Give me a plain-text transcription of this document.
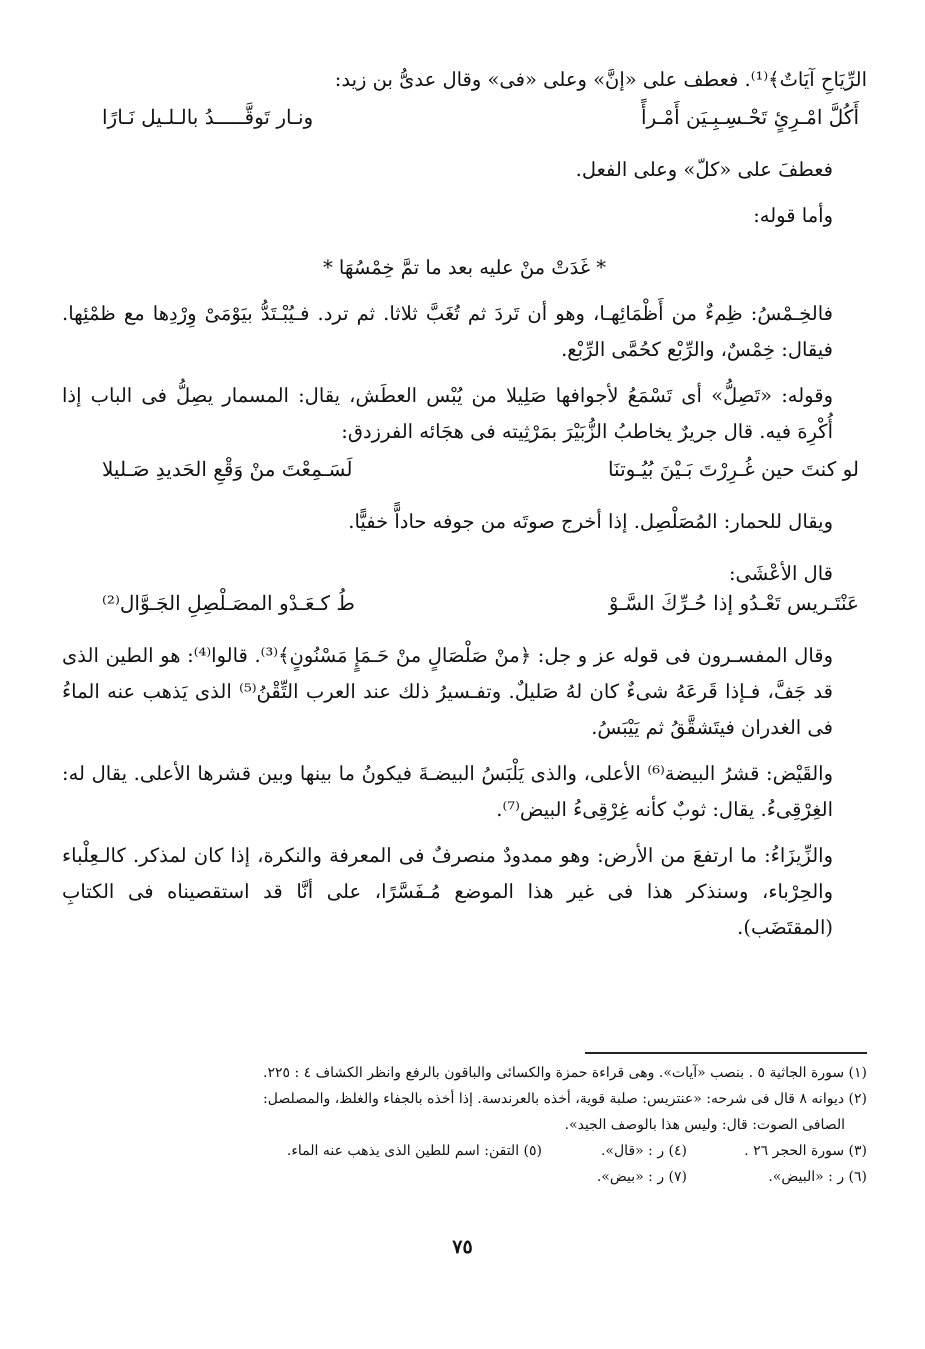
الرِّيَاحِ آيَاتٌ﴾⁽¹⁾. فعطف على «إنَّ» وعلى «فى» وقال عدىُّ بن زيد:

أَكُلَّ امْـرِئٍ تَحْـسِـبِـيَن أَمْـرأً
ونـار تَوقَّـــــدُ بالـلـيل نَـارًا

فعطفَ على «كلّ» وعلى الفعل.

وأما قوله:

* غَدَتْ منْ عليه بعد ما تمَّ خِمْسُهَا *

فالخِـمْسُ: ظِمءٌ من أَظْمَائِهـا، وهو أن تَردَ ثم تُغَبَّ ثلاثا. ثم ترد. فـيُبْـتَدُّ بيَوْمَىْ وِرْدِها مع ظمْئِها. فيقال: خِمْسٌ، والرِّبْع كحُمَّى الرِّبْع.

وقوله: «تَصِلُّ» أى تَسْمَعُ لأجوافها صَلِيلا من يُبْس العطَش، يقال: المسمار يصِلُّ فى الباب إذا أُكْرِهَ فيه. قال جريرٌ يخاطبُ الزُّبَيْرَ بمَرْثِيته فى هجَائه الفرزدق:

لو كنتَ حين غُـرِرْتَ بَـيْنَ بُيُـوتنَا
لَسَـمِعْتَ منْ وَقْعِ الحَديدِ صَـليلا

ويقال للحمار: المُصَلْصِل. إذا أخرج صوتَه من جوفه حاداًّ خفيًّا.

قال الأعْشَى:

عَنْتَـريس تَعْـدُو إذا حُـرِّكَ السَّـوْ
طُ كـعَـدْو المصَـلْصِلِ الجَـوَّال⁽²⁾

وقال المفسـرون فى قوله عز و جل: ﴿منْ صَلْصَالٍ منْ حَـمَإٍ مَسْنُونٍ﴾⁽³⁾. قالوا⁽⁴⁾: هو الطين الذى قد جَفَّ، فـإذا قَرعَهُ شىءٌ كان لهُ صَليلٌ. وتفـسيرُ ذلك عند العرب التِّقْنُ⁽⁵⁾ الذى يَذهب عنه الماءُ فى الغدران فيتَشقَّقُ ثم يَيْبَسُ.

والقَيْض: قشرُ البيضة⁽⁶⁾ الأعلى، والذى يَلْبَسُ البيضـةَ فيكونُ ما بينها وبين قشرها الأعلى. يقال له: الغِرْقِىءُ. يقال: ثوبٌ كأنه غِرْقِىءُ البيض⁽⁷⁾.

والزِّيزَاءُ: ما ارتفعَ من الأرض: وهو ممدودٌ منصرفٌ فى المعرفة والنكرة، إذا كان لمذكر. كالـعِلْباء والحِرْباء، وسنذكر هذا فى غير هذا الموضع مُـفَسَّرًا، على أنَّا قد استقصيناه فى الكتابِ (المقتَضَب).

(١) سورة الجاثية ٥ . بنصب «آيات». وهى قراءة حمزة والكسائى والباقون بالرفع وانظر الكشاف ٤ : ٢٢٥.

(٢) ديوانه ٨ قال فى شرحه: «عنتريس: صلبة قوية، أخذه بالعرندسة. إذا أخذه بالجفاء والغلظ، والمصلصل:

الصافى الصوت: قال: وليس هذا بالوصف الجيد».

(٣) سورة الحجر ٢٦ .
(٤) ر : «قال».
(٥) التقن: اسم للطين الذى يذهب عنه الماء.
(٦) ر : «البيض».
(٧) ر : «بيض».
٧٥
